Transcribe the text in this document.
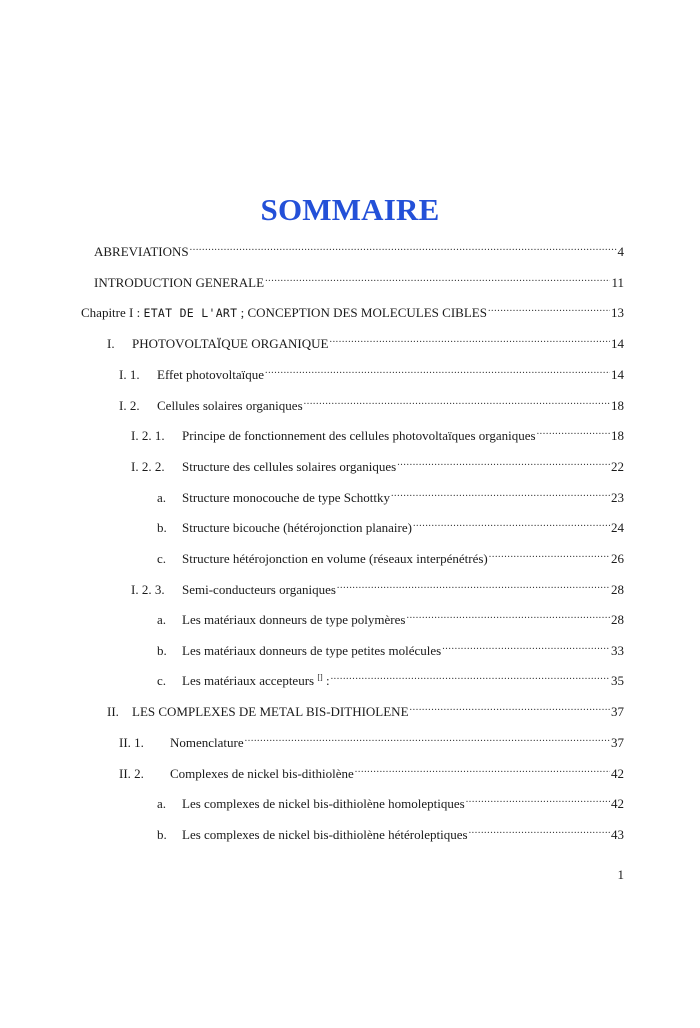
SOMMAIRE
ABREVIATIONS .....	4
INTRODUCTION GENERALE .....	11
Chapitre I : ETAT DE L'ART ; CONCEPTION DES MOLECULES CIBLES .....	13
I.	PHOTOVOLTAÏQUE ORGANIQUE .....	14
I. 1.	Effet photovoltaïque .....	14
I. 2.	Cellules solaires organiques .....	18
I. 2. 1.	Principe de fonctionnement des cellules photovoltaïques organiques .....	18
I. 2. 2.	Structure des cellules solaires organiques .....	22
a.	Structure monocouche de type Schottky .....	23
b.	Structure bicouche (hétérojonction planaire) .....	24
c.	Structure hétérojonction en volume (réseaux interpénétrés) .....	26
I. 2. 3.	Semi-conducteurs organiques .....	28
a.	Les matériaux donneurs de type polymères .....	28
b.	Les matériaux donneurs de type petites molécules .....	33
c.	Les matériaux accepteurs [] : .....	35
II.	LES COMPLEXES DE METAL BIS-DITHIOLENE .....	37
II. 1.	Nomenclature .....	37
II. 2.	Complexes de nickel bis-dithiolène .....	42
a.	Les complexes de nickel bis-dithiolène homoleptiques .....	42
b.	Les complexes de nickel bis-dithiolène hétéroleptiques .....	43
1
